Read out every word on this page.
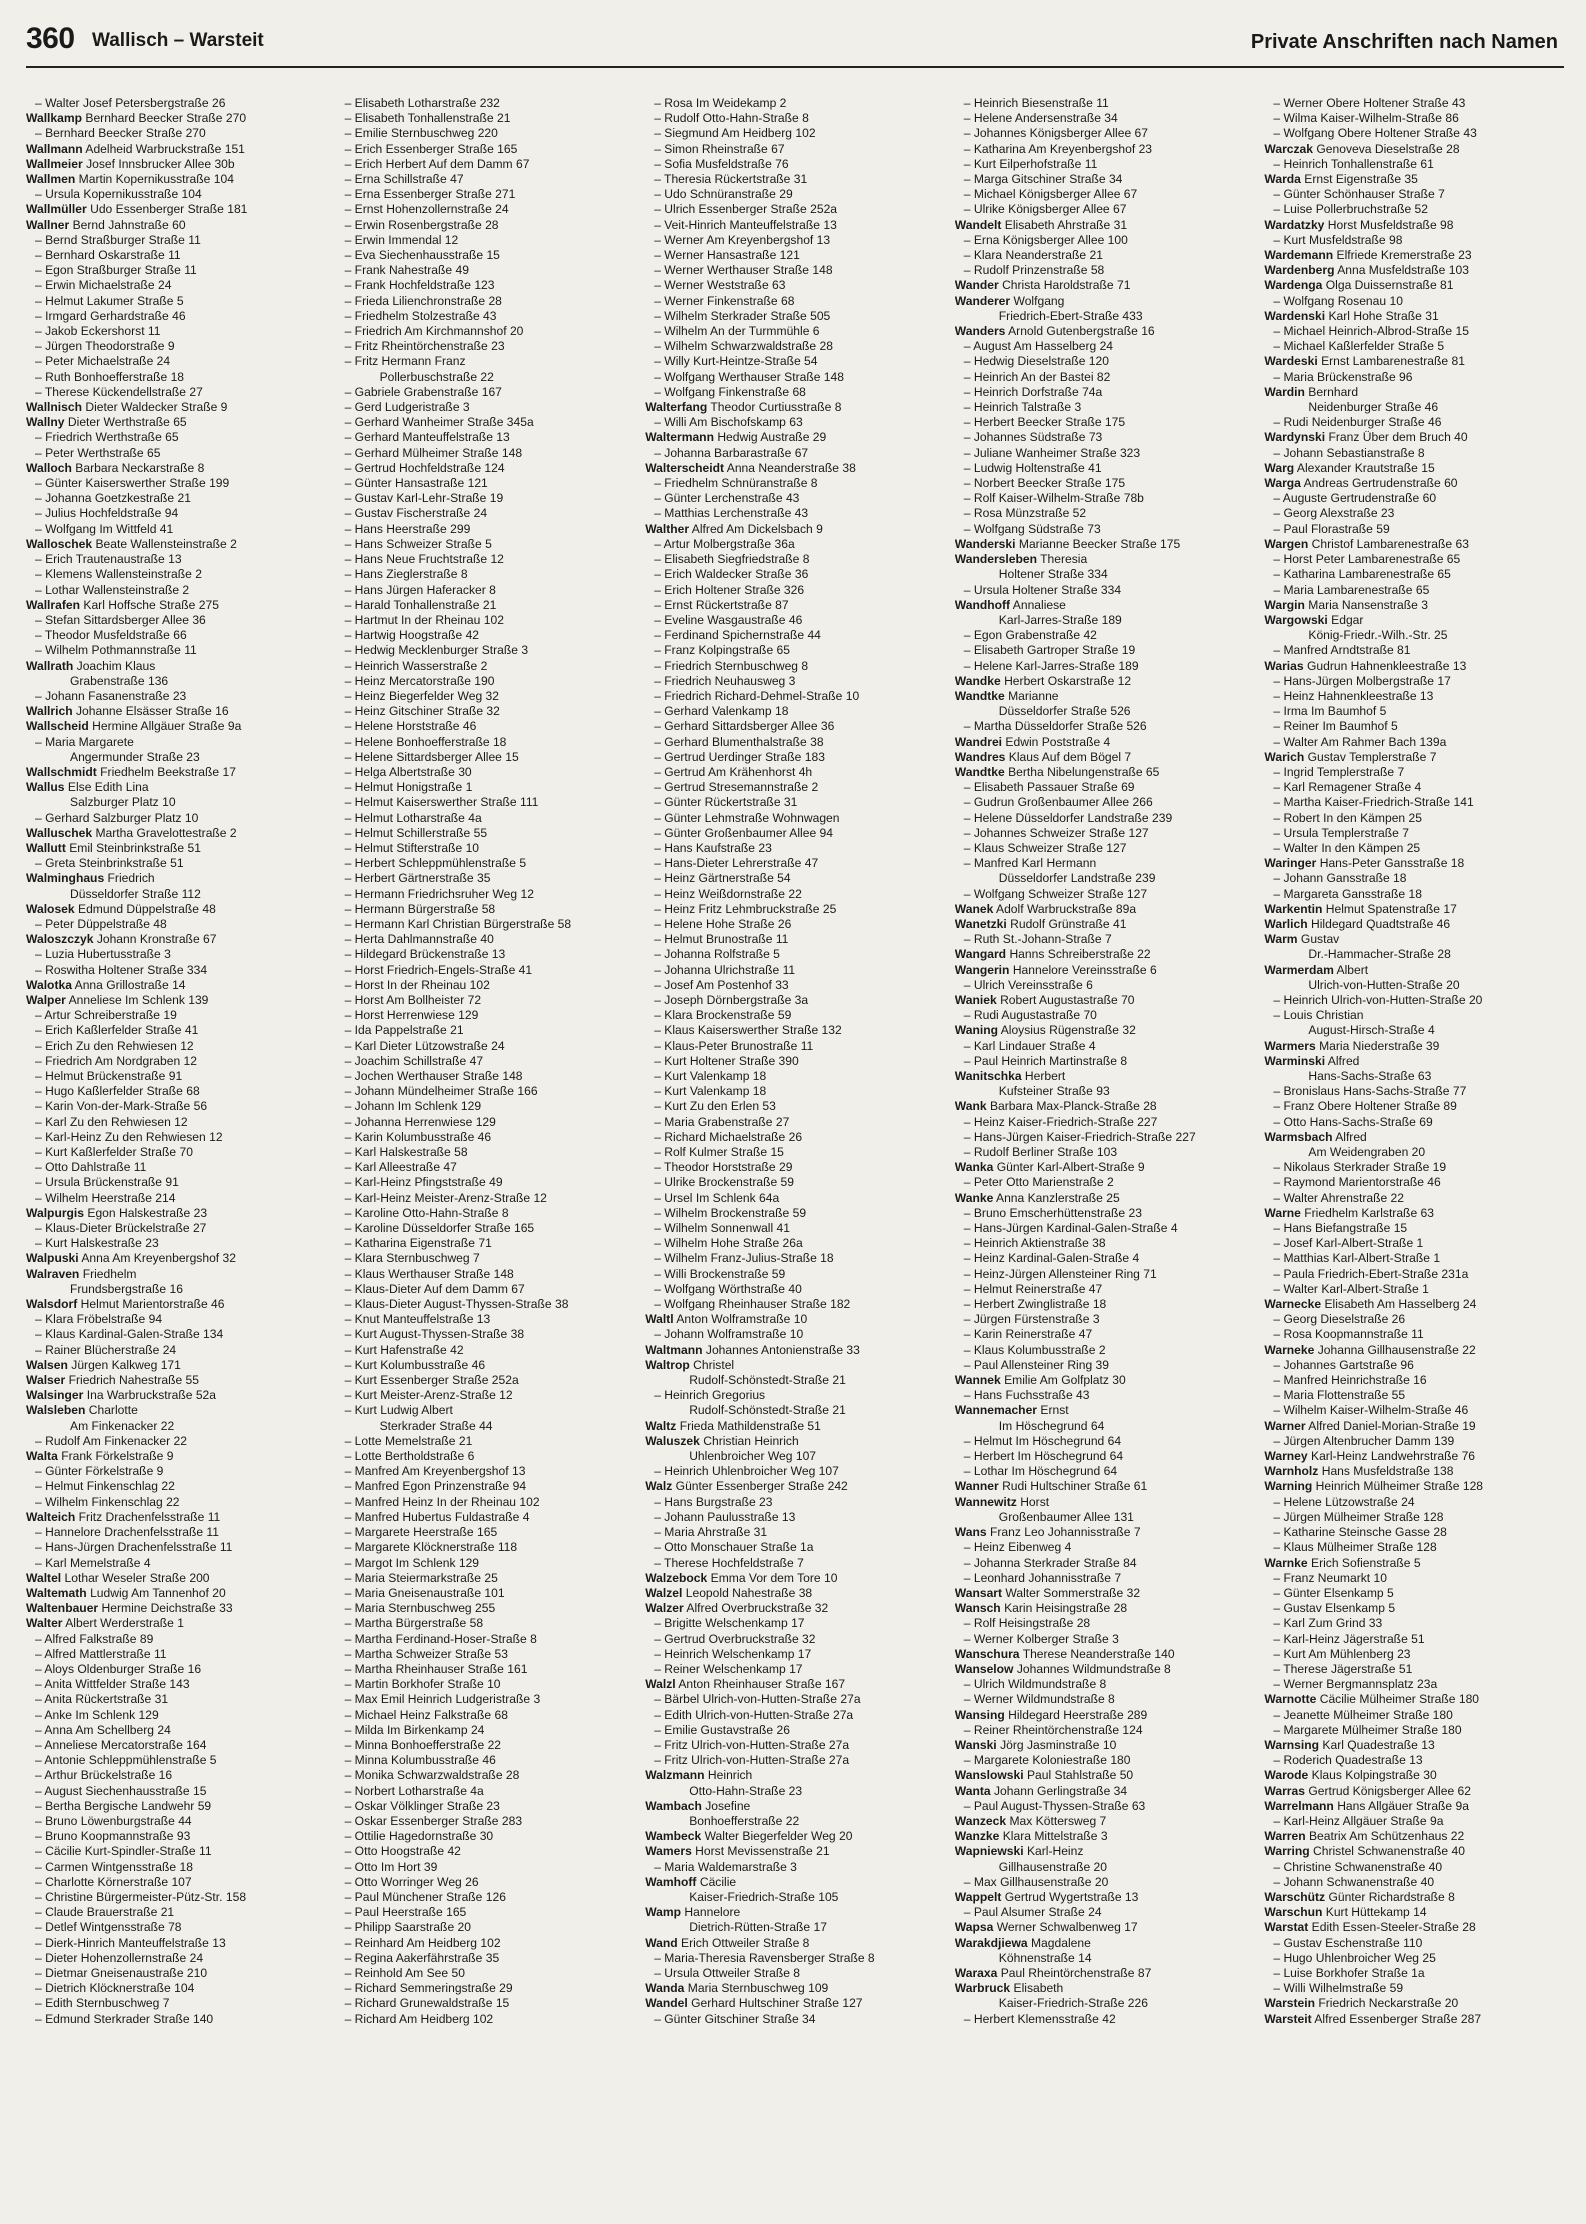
360 Wallisch – Warsteit	Private Anschriften nach Namen
– Walter Josef Petersbergstraße 26
Wallkamp Bernhard Beecker Straße 270
– Bernhard Beecker Straße 270
Wallmann Adelheid Warbruckstraße 151
Wallmeier Josef Innsbrucker Allee 30b
Wallmen Martin Kopernikusstraße 104
– Ursula Kopernikusstraße 104
Wallmüller Udo Essenberger Straße 181
Wallner Bernd Jahnstraße 60
– Bernd Straßburger Straße 11
– Bernhard Oskarstraße 11
– Egon Straßburger Straße 11
– Erwin Michaelstraße 24
– Helmut Lakumer Straße 5
– Irmgard Gerhardstraße 46
– Jakob Eckershorst 11
– Jürgen Theodorstraße 9
– Peter Michaelstraße 24
– Ruth Bonhoefferstraße 18
– Therese Kückendellstraße 27
Wallnisch Dieter Waldecker Straße 9
Wallny Dieter Werthstraße 65
– Friedrich Werthstraße 65
– Peter Werthstraße 65
Walloch Barbara Neckarstraße 8
– Günter Kaiserswerther Straße 199
– Johanna Goetzkestraße 21
– Julius Hochfeldstraße 94
– Wolfgang Im Wittfeld 41
Walloschek Beate Wallensteinstraße 2
– Erich Trautenaustraße 13
– Klemens Wallensteinstraße 2
– Lothar Wallensteinstraße 2
Wallrafen Karl Hoffsche Straße 275
– Stefan Sittardsberger Allee 36
– Theodor Musfeldstraße 66
– Wilhelm Pothmannstraße 11
Wallrath Joachim Klaus
Grabenstraße 136
– Johann Fasanenstraße 23
Wallrich Johanne Elsässer Straße 16
Wallscheid Hermine Allgäuer Straße 9a
– Maria Margarete
Angermunder Straße 23
Wallschmidt Friedhelm Beekstraße 17
Wallus Else Edith Lina
Salzburger Platz 10
– Gerhard Salzburger Platz 10
Walluschek Martha Gravelottestraße 2
Wallutt Emil Steinbrinkstraße 51
– Greta Steinbrinkstraße 51
Walminghaus Friedrich
Düsseldorfer Straße 112
Walosek Edmund Düppelstraße 48
– Peter Düppelstraße 48
Waloszczyk Johann Kronstraße 67
– Luzia Hubertusstraße 3
– Roswitha Holtener Straße 334
Walotka Anna Grillostraße 14
Walper Anneliese Im Schlenk 139
– Artur Schreiberstraße 19
– Erich Kaßlerfelder Straße 41
– Erich Zu den Rehwiesen 12
– Friedrich Am Nordgraben 12
– Helmut Brückenstraße 91
– Hugo Kaßlerfelder Straße 68
– Karin Von-der-Mark-Straße 56
– Karl Zu den Rehwiesen 12
– Karl-Heinz Zu den Rehwiesen 12
– Kurt Kaßlerfelder Straße 70
– Otto Dahlstraße 11
– Ursula Brückenstraße 91
– Wilhelm Heerstraße 214
Walpurgis Egon Halskestraße 23
– Klaus-Dieter Brückelstraße 27
– Kurt Halskestraße 23
Walpuski Anna Am Kreyenbergshof 32
Walraven Friedhelm
Frundsbergstraße 16
Walsdorf Helmut Marientorstraße 46
– Klara Fröbelstraße 94
– Klaus Kardinal-Galen-Straße 134
– Rainer Blücherstraße 24
Walsen Jürgen Kalkweg 171
Walser Friedrich Nahestraße 55
Walsinger Ina Warbruckstraße 52a
Walsleben Charlotte
Am Finkenacker 22
– Rudolf Am Finkenacker 22
Walta Frank Förkelstraße 9
– Günter Förkelstraße 9
– Helmut Finkenschlag 22
– Wilhelm Finkenschlag 22
Walteich Fritz Drachenfelsstraße 11
– Hannelore Drachenfelsstraße 11
– Hans-Jürgen Drachenfelsstraße 11
– Karl Memelstraße 4
Waltel Lothar Weseler Straße 200
Waltemath Ludwig Am Tannenhof 20
Waltenbauer Hermine Deichstraße 33
Walter Albert Werderstraße 1
– Alfred Falkstraße 89
– Alfred Mattlerstraße 11
– Aloys Oldenburger Straße 16
– Anita Wittfelder Straße 143
– Anita Rückertstraße 31
– Anke Im Schlenk 129
– Anna Am Schellberg 24
– Anneliese Mercatorstraße 164
– Antonie Schleppmühlenstraße 5
– Arthur Brückelstraße 16
– August Siechenhausstraße 15
– Bertha Bergische Landwehr 59
– Bruno Löwenburgstraße 44
– Bruno Koopmannstraße 93
– Cäcilie Kurt-Spindler-Straße 11
– Carmen Wintgensstraße 18
– Charlotte Körnerstraße 107
– Christine Bürgermeister-Pütz-Str. 158
– Claude Brauerstraße 21
– Detlef Wintgensstraße 78
– Dierk-Hinrich Manteuffelstraße 13
– Dieter Hohenzollernstraße 24
– Dietmar Gneisenaustraße 210
– Dietrich Klöcknerstraße 104
– Edith Sternbuschweg 7
– Edmund Sterkrader Straße 140
– Elisabeth Lotharstraße 232
– Elisabeth Tonhallenstraße 21
– Emilie Sternbuschweg 220
– Erich Essenberger Straße 165
– Erich Herbert Auf dem Damm 67
– Erna Schillstraße 47
– Erna Essenberger Straße 271
– Ernst Hohenzollernstraße 24
– Erwin Rosenbergstraße 28
– Erwin Immendal 12
– Eva Siechenhausstraße 15
– Frank Nahestraße 49
– Frank Hochfeldstraße 123
– Frieda Lilienchronstraße 28
– Friedhelm Stolzestraße 43
– Friedrich Am Kirchmannshof 20
– Fritz Rheintörchenstraße 23
– Fritz Hermann Franz
Pollerbuschstraße 22
– Gabriele Grabenstraße 167
– Gerd Ludgeristraße 3
– Gerhard Wanheimer Straße 345a
– Gerhard Manteuffelstraße 13
– Gerhard Mülheimer Straße 148
– Gertrud Hochfeldstraße 124
– Günter Hansastraße 121
– Gustav Karl-Lehr-Straße 19
– Gustav Fischerstraße 24
– Hans Heerstraße 299
– Hans Schweizer Straße 5
– Hans Neue Fruchtstraße 12
– Hans Zieglerstraße 8
– Hans Jürgen Haferacker 8
– Harald Tonhallenstraße 21
– Hartmut In der Rheinau 102
– Hartwig Hoogstraße 42
– Hedwig Mecklenburger Straße 3
– Heinrich Wasserstraße 2
– Heinz Mercatorstraße 190
– Heinz Biegerfelder Weg 32
– Heinz Gitschiner Straße 32
– Helene Horststraße 46
– Helene Bonhoefferstraße 18
– Helene Sittardsberger Allee 15
– Helga Albertstraße 30
– Helmut Honigstraße 1
– Helmut Kaiserswerther Straße 111
– Helmut Lotharstraße 4a
– Helmut Schillerstraße 55
– Helmut Stifterstraße 10
– Herbert Schleppmühlenstraße 5
– Herbert Gärtnerstraße 35
– Hermann Friedrichsruher Weg 12
– Hermann Bürgerstraße 58
– Hermann Karl Christian Bürgerstraße 58
– Herta Dahlmannstraße 40
– Hildegard Brückenstraße 13
– Horst Friedrich-Engels-Straße 41
– Horst In der Rheinau 102
– Horst Am Bollheister 72
– Horst Herrenwiese 129
– Ida Pappelstraße 21
– Karl Dieter Lützowstraße 24
– Joachim Schillstraße 47
– Jochen Werthauser Straße 148
– Johann Mündelheimer Straße 166
– Johann Im Schlenk 129
– Johanna Herrenwiese 129
– Karin Kolumbusstraße 46
– Karl Halskestraße 58
– Karl Alleestraße 47
– Karl-Heinz Pfingststraße 49
– Karl-Heinz Meister-Arenz-Straße 12
– Karoline Otto-Hahn-Straße 8
– Karoline Düsseldorfer Straße 165
– Katharina Eigenstraße 71
– Klara Sternbuschweg 7
– Klaus Werthauser Straße 148
– Klaus-Dieter Auf dem Damm 67
– Klaus-Dieter August-Thyssen-Straße 38
– Knut Manteuffelstraße 13
– Kurt August-Thyssen-Straße 38
– Kurt Hafenstraße 42
– Kurt Kolumbusstraße 46
– Kurt Essenberger Straße 252a
– Kurt Meister-Arenz-Straße 12
– Kurt Ludwig Albert
Sterkrader Straße 44
– Lotte Memelstraße 21
– Lotte Bertholdstraße 6
– Manfred Am Kreyenbergshof 13
– Manfred Egon Prinzenstraße 94
– Manfred Heinz In der Rheinau 102
– Manfred Hubertus Fuldastraße 4
– Margarete Heerstraße 165
– Margarete Klöcknerstraße 118
– Margot Im Schlenk 129
– Maria Steiermarkstraße 25
– Maria Gneisenaustraße 101
– Maria Sternbuschweg 255
– Martha Bürgerstraße 58
– Martha Ferdinand-Hoser-Straße 8
– Martha Schweizer Straße 53
– Martha Rheinhauser Straße 161
– Martin Borkhofer Straße 10
– Max Emil Heinrich Ludgeristraße 3
– Michael Heinz Falkstraße 68
– Milda Im Birkenkamp 24
– Minna Bonhoefferstraße 22
– Minna Kolumbusstraße 46
– Monika Schwarzwaldstraße 28
– Norbert Lotharstraße 4a
– Oskar Völklinger Straße 23
– Oskar Essenberger Straße 283
– Ottilie Hagedornstraße 30
– Otto Hoogstraße 42
– Otto Im Hort 39
– Otto Worringer Weg 26
– Paul Münchener Straße 126
– Paul Heerstraße 165
– Philipp Saarstraße 20
– Reinhard Am Heidberg 102
– Regina Aakerfährstraße 35
– Reinhold Am See 50
– Richard Semmeringstraße 29
– Richard Grunewaldstraße 15
– Richard Am Heidberg 102
– Rosa Im Weidekamp 2
– Rudolf Otto-Hahn-Straße 8
– Siegmund Am Heidberg 102
– Simon Rheinstraße 67
– Sofia Musfeldstraße 76
– Theresia Rückertstraße 31
– Udo Schnüranstraße 29
– Ulrich Essenberger Straße 252a
– Veit-Hinrich Manteuffelstraße 13
– Werner Am Kreyenbergshof 13
– Werner Hansastraße 121
– Werner Werthauser Straße 148
– Werner Weststraße 63
– Werner Finkenstraße 68
– Wilhelm Sterkrader Straße 505
– Wilhelm An der Turmmühle 6
– Wilhelm Schwarzwaldstraße 28
– Willy Kurt-Heintze-Straße 54
– Wolfgang Werthauser Straße 148
– Wolfgang Finkenstraße 68
Walterfang Theodor Curtiusstraße 8
– Willi Am Bischofskamp 63
Waltermann Hedwig Austraße 29
– Johanna Barbarastraße 67
Walterscheidt Anna Neanderstraße 38
– Friedhelm Schnüranstraße 8
– Günter Lerchenstraße 43
– Matthias Lerchenstraße 43
Walther Alfred Am Dickelsbach 9
– Artur Molbergstraße 36a
– Elisabeth Siegfriedstraße 8
– Erich Waldecker Straße 36
– Erich Holtener Straße 326
– Ernst Rückertstraße 87
– Eveline Wasgaustraße 46
– Ferdinand Spichernstraße 44
– Franz Kolpingstraße 65
– Friedrich Sternbuschweg 8
– Friedrich Neuhausweg 3
– Friedrich Richard-Dehmel-Straße 10
– Gerhard Valenkamp 18
– Gerhard Sittardsberger Allee 36
– Gerhard Blumenthalstraße 38
– Gertrud Uerdinger Straße 183
– Gertrud Am Krähenhorst 4h
– Gertrud Stresemannstraße 2
– Günter Rückertstraße 31
– Günter Lehmstraße Wohnwagen
– Günter Großenbaumer Allee 94
– Hans Kaufstraße 23
– Hans-Dieter Lehrerstraße 47
– Heinz Gärtnerstraße 54
– Heinz Weißdornstraße 22
– Heinz Fritz Lehmbruckstraße 25
– Helene Hohe Straße 26
– Helmut Brunostraße 11
– Johanna Rolfstraße 5
– Johanna Ulrichstraße 11
– Josef Am Postenhof 33
– Joseph Dörnbergstraße 3a
– Klara Brockenstraße 59
– Klaus Kaiserswerther Straße 132
– Klaus-Peter Brunostraße 11
– Kurt Holtener Straße 390
– Kurt Valenkamp 18
– Kurt Valenkamp 18
– Kurt Zu den Erlen 53
– Maria Grabenstraße 27
– Richard Michaelstraße 26
– Rolf Kulmer Straße 15
– Theodor Horststraße 29
– Ulrike Brockenstraße 59
– Ursel Im Schlenk 64a
– Wilhelm Brockenstraße 59
– Wilhelm Sonnenwall 41
– Wilhelm Hohe Straße 26a
– Wilhelm Franz-Julius-Straße 18
– Willi Brockenstraße 59
– Wolfgang Wörthstraße 40
– Wolfgang Rheinhauser Straße 182
Waltl Anton Wolframstraße 10
– Johann Wolframstraße 10
Waltmann Johannes Antonienstraße 33
Waltrop Christel
Rudolf-Schönstedt-Straße 21
– Heinrich Gregorius
Rudolf-Schönstedt-Straße 21
Waltz Frieda Mathildenstraße 51
Waluszek Christian Heinrich
Uhlenbroicher Weg 107
– Heinrich Uhlenbroicher Weg 107
Walz Günter Essenberger Straße 242
– Hans Burgstraße 23
– Johann Paulusstraße 13
– Maria Ahrstraße 31
– Otto Monschauer Straße 1a
– Therese Hochfeldstraße 7
Walzebock Emma Vor dem Tore 10
Walzel Leopold Nahestraße 38
Walzer Alfred Overbruckstraße 32
– Brigitte Welschenkamp 17
– Gertrud Overbruckstraße 32
– Heinrich Welschenkamp 17
– Reiner Welschenkamp 17
Walzl Anton Rheinhauser Straße 167
– Bärbel Ulrich-von-Hutten-Straße 27a
– Edith Ulrich-von-Hutten-Straße 27a
– Emilie Gustavstraße 26
– Fritz Ulrich-von-Hutten-Straße 27a
– Fritz Ulrich-von-Hutten-Straße 27a
Walzmann Heinrich
Otto-Hahn-Straße 23
Wambach Josefine
Bonhoefferstraße 22
Wambeck Walter Biegerfelder Weg 20
Wamers Horst Mevissenstraße 21
– Maria Waldemarstraße 3
Wamhoff Cäcilie
Kaiser-Friedrich-Straße 105
Wamp Hannelore
Dietrich-Rütten-Straße 17
Wand Erich Ottweiler Straße 8
– Maria-Theresia Ravensberger Straße 8
– Ursula Ottweiler Straße 8
Wanda Maria Sternbuschweg 109
Wandel Gerhard Hultschiner Straße 127
– Günter Gitschiner Straße 34
– Heinrich Biesenstraße 11
– Helene Andersenstraße 34
– Johannes Königsberger Allee 67
– Katharina Am Kreyenbergshof 23
– Kurt Eilperhofstraße 11
– Marga Gitschiner Straße 34
– Michael Königsberger Allee 67
– Ulrike Königsberger Allee 67
Wandelt Elisabeth Ahrstraße 31
– Erna Königsberger Allee 100
– Klara Neanderstraße 21
– Rudolf Prinzenstraße 58
Wander Christa Haroldstraße 71
Wanderer Wolfgang
Friedrich-Ebert-Straße 433
Wanders Arnold Gutenbergstraße 16
– August Am Hasselberg 24
– Hedwig Dieselstraße 120
– Heinrich An der Bastei 82
– Heinrich Dorfstraße 74a
– Heinrich Talstraße 3
– Herbert Beecker Straße 175
– Johannes Südstraße 73
– Juliane Wanheimer Straße 323
– Ludwig Holtenstraße 41
– Norbert Beecker Straße 175
– Rolf Kaiser-Wilhelm-Straße 78b
– Rosa Münzstraße 52
– Wolfgang Südstraße 73
Wanderski Marianne Beecker Straße 175
Wandersleben Theresia
Holtener Straße 334
– Ursula Holtener Straße 334
Wandhoff Annaliese
Karl-Jarres-Straße 189
– Egon Grabenstraße 42
– Elisabeth Gartroper Straße 19
– Helene Karl-Jarres-Straße 189
Wandke Herbert Oskarstraße 12
Wandtke Marianne
Düsseldorfer Straße 526
– Martha Düsseldorfer Straße 526
Wandrei Edwin Poststraße 4
Wandres Klaus Auf dem Bögel 7
Wandtke Bertha Nibelungenstraße 65
– Elisabeth Passauer Straße 69
– Gudrun Großenbaumer Allee 266
– Helene Düsseldorfer Landstraße 239
– Johannes Schweizer Straße 127
– Klaus Schweizer Straße 127
– Manfred Karl Hermann
Düsseldorfer Landstraße 239
– Wolfgang Schweizer Straße 127
Wanek Adolf Warbruckstraße 89a
Wanetzki Rudolf Grünstraße 41
– Ruth St.-Johann-Straße 7
Wangard Hanns Schreiberstraße 22
Wangerin Hannelore Vereinsstraße 6
– Ulrich Vereinsstraße 6
Waniek Robert Augustastraße 70
– Rudi Augustastraße 70
Waning Aloysius Rügenstraße 32
– Karl Lindauer Straße 4
– Paul Heinrich Martinstraße 8
Wanitschka Herbert
Kufsteiner Straße 93
Wank Barbara Max-Planck-Straße 28
– Heinz Kaiser-Friedrich-Straße 227
– Hans-Jürgen Kaiser-Friedrich-Straße 227
– Rudolf Berliner Straße 103
Wanka Günter Karl-Albert-Straße 9
– Peter Otto Marienstraße 2
Wanke Anna Kanzlerstraße 25
– Bruno Emscherhüttenstraße 23
– Hans-Jürgen Kardinal-Galen-Straße 4
– Heinrich Aktienstraße 38
– Heinz Kardinal-Galen-Straße 4
– Heinz-Jürgen Allensteiner Ring 71
– Helmut Reinerstraße 47
– Herbert Zwinglistraße 18
– Jürgen Fürstenstraße 3
– Karin Reinerstraße 47
– Klaus Kolumbusstraße 2
– Paul Allensteiner Ring 39
Wannek Emilie Am Golfplatz 30
– Hans Fuchsstraße 43
Wannemacher Ernst
Im Höschegrund 64
– Helmut Im Höschegrund 64
– Herbert Im Höschegrund 64
– Lothar Im Höschegrund 64
Wanner Rudi Hultschiner Straße 61
Wannewitz Horst
Großenbaumer Allee 131
Wans Franz Leo Johannisstraße 7
– Heinz Eibenweg 4
– Johanna Sterkrader Straße 84
– Leonhard Johannisstraße 7
Wansart Walter Sommerstraße 32
Wansch Karin Heisingstraße 28
– Rolf Heisingstraße 28
– Werner Kolberger Straße 3
Wanschura Therese Neanderstraße 140
Wanselow Johannes Wildmundstraße 8
– Ulrich Wildmundstraße 8
– Werner Wildmundstraße 8
Wansing Hildegard Heerstraße 289
– Reiner Rheintörchenstraße 124
Wanski Jörg Jasminstraße 10
– Margarete Koloniestraße 180
Wanslowski Paul Stahlstraße 50
Wanta Johann Gerlingstraße 34
– Paul August-Thyssen-Straße 63
Wanzeck Max Köttersweg 7
Wanzke Klara Mittelstraße 3
Wapniewski Karl-Heinz
Gillhausenstraße 20
– Max Gillhausenstraße 20
Wappelt Gertrud Wygertstraße 13
– Paul Alsumer Straße 24
Wapsa Werner Schwalbenweg 17
Warakdjiewa Magdalene
Köhnenstraße 14
Waraxa Paul Rheintörchenstraße 87
Warbruck Elisabeth
Kaiser-Friedrich-Straße 226
– Herbert Klemensstraße 42
– Werner Obere Holtener Straße 43
– Wilma Kaiser-Wilhelm-Straße 86
– Wolfgang Obere Holtener Straße 43
Warczak Genoveva Dieselstraße 28
– Heinrich Tonhallenstraße 61
Warda Ernst Eigenstraße 35
– Günter Schönhauser Straße 7
– Luise Pollerbruchstraße 52
Wardatzky Horst Musfeldstraße 98
– Kurt Musfeldstraße 98
Wardemann Elfriede Kremerstraße 23
Wardenberg Anna Musfeldstraße 103
Wardenga Olga Duissernstraße 81
– Wolfgang Rosenau 10
Wardenski Karl Hohe Straße 31
– Michael Heinrich-Albrod-Straße 15
– Michael Kaßlerfelder Straße 5
Wardeski Ernst Lambarenestraße 81
– Maria Brückenstraße 96
Wardin Bernhard
Neidenburger Straße 46
– Rudi Neidenburger Straße 46
Wardynski Franz Über dem Bruch 40
– Johann Sebastianstraße 8
Warg Alexander Krautstraße 15
Warga Andreas Gertrudenstraße 60
– Auguste Gertrudenstraße 60
– Georg Alexstraße 23
– Paul Florastraße 59
Wargen Christof Lambarenestraße 63
– Horst Peter Lambarenestraße 65
– Katharina Lambarenestraße 65
– Maria Lambarenestraße 65
Wargin Maria Nansenstraße 3
Wargowski Edgar
König-Friedr.-Wilh.-Str. 25
– Manfred Arndtstraße 81
Warias Gudrun Hahnenkleestraße 13
– Hans-Jürgen Molbergstraße 17
– Heinz Hahnenkleestraße 13
– Irma Im Baumhof 5
– Reiner Im Baumhof 5
– Walter Am Rahmer Bach 139a
Warich Gustav Templerstraße 7
– Ingrid Templerstraße 7
– Karl Remagener Straße 4
– Martha Kaiser-Friedrich-Straße 141
– Robert In den Kämpen 25
– Ursula Templerstraße 7
– Walter In den Kämpen 25
Waringer Hans-Peter Gansstraße 18
– Johann Gansstraße 18
– Margareta Gansstraße 18
Warkentin Helmut Spatenstraße 17
Warlich Hildegard Quadtstraße 46
Warm Gustav
Dr.-Hammacher-Straße 28
Warmerdam Albert
Ulrich-von-Hutten-Straße 20
– Heinrich Ulrich-von-Hutten-Straße 20
– Louis Christian
August-Hirsch-Straße 4
Warmers Maria Niederstraße 39
Warminski Alfred
Hans-Sachs-Straße 63
– Bronislaus Hans-Sachs-Straße 77
– Franz Obere Holtener Straße 89
– Otto Hans-Sachs-Straße 69
Warmsbach Alfred
Am Weidengraben 20
– Nikolaus Sterkrader Straße 19
– Raymond Marientorstraße 46
– Walter Ahrenstraße 22
Warne Friedhelm Karlstraße 63
– Hans Biefangstraße 15
– Josef Karl-Albert-Straße 1
– Matthias Karl-Albert-Straße 1
– Paula Friedrich-Ebert-Straße 231a
– Walter Karl-Albert-Straße 1
Warnecke Elisabeth Am Hasselberg 24
– Georg Dieselstraße 26
– Rosa Koopmannstraße 11
Warneke Johanna Gillhausenstraße 22
– Johannes Gartstraße 96
– Manfred Heinrichstraße 16
– Maria Flottenstraße 55
– Wilhelm Kaiser-Wilhelm-Straße 46
Warner Alfred Daniel-Morian-Straße 19
– Jürgen Altenbrucher Damm 139
Warney Karl-Heinz Landwehrstraße 76
Warnholz Hans Musfeldstraße 138
Warning Heinrich Mülheimer Straße 128
– Helene Lützowstraße 24
– Jürgen Mülheimer Straße 128
– Katharine Steinsche Gasse 28
– Klaus Mülheimer Straße 128
Warnke Erich Sofienstraße 5
– Franz Neumarkt 10
– Günter Elsenkamp 5
– Gustav Elsenkamp 5
– Karl Zum Grind 33
– Karl-Heinz Jägerstraße 51
– Kurt Am Mühlenberg 23
– Therese Jägerstraße 51
– Werner Bergmannsplatz 23a
Warnotte Cäcilie Mülheimer Straße 180
– Jeanette Mülheimer Straße 180
– Margarete Mülheimer Straße 180
Warnsing Karl Quadestraße 13
– Roderich Quadestraße 13
Warode Klaus Kolpingstraße 30
Warras Gertrud Königsberger Allee 62
Warrelmann Hans Allgäuer Straße 9a
– Karl-Heinz Allgäuer Straße 9a
Warren Beatrix Am Schützenhaus 22
Warring Christel Schwanenstraße 40
– Christine Schwanenstraße 40
– Johann Schwanenstraße 40
Warschütz Günter Richardstraße 8
Warschun Kurt Hüttekamp 14
Warstat Edith Essen-Steeler-Straße 28
– Gustav Eschenstraße 110
– Hugo Uhlenbroicher Weg 25
– Luise Borkhofer Straße 1a
– Willi Wilhelmstraße 59
Warstein Friedrich Neckarstraße 20
Warsteit Alfred Essenberger Straße 287
